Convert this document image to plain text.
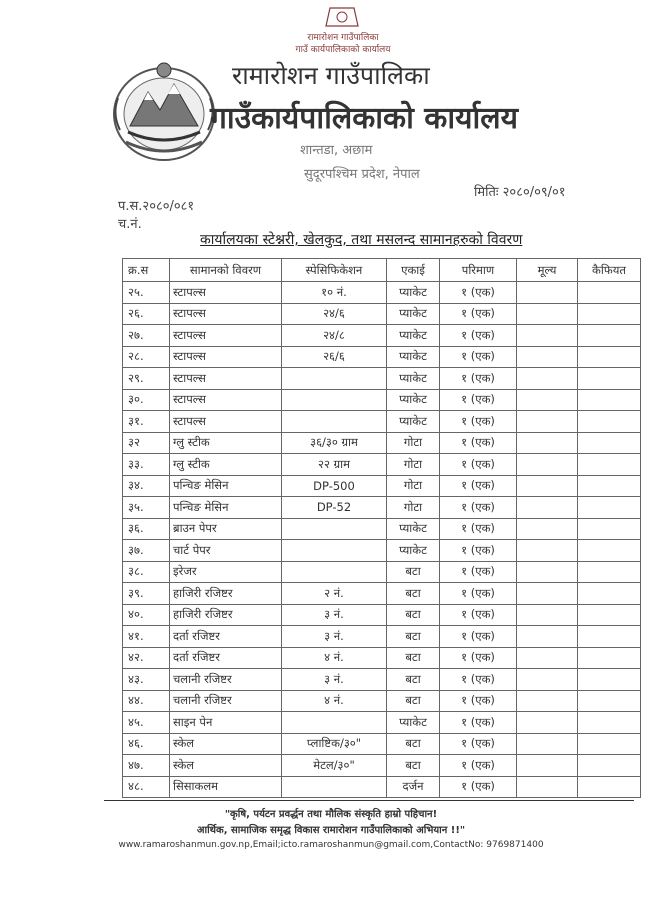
रामारोशन गाउँपालिका
गाउँ कार्यपालिकाको कार्यालय
रामारोशन गाउँपालिका
गाउँकार्यपालिकाको कार्यालय
शान्तडा, अछाम
सुदूरपश्चिम प्रदेश, नेपाल
मितिः २०८०/०९/०१
प.स.२०८०/०८१
च.नं.
कार्यालयका स्टेश्नरी, खेलकुद, तथा मसलन्द सामानहरुको विवरण
क्र.स	सामानको विवरण	स्पेसिफिकेशन	एकाई	परिमाण	मूल्य	कैफियत
२५.	स्टापल्स	१० नं.	प्याकेट	१ (एक)		
२६.	स्टापल्स	२४/६	प्याकेट	१ (एक)		
२७.	स्टापल्स	२४/८	प्याकेट	१ (एक)		
२८.	स्टापल्स	२६/६	प्याकेट	१ (एक)		
२९.	स्टापल्स		प्याकेट	१ (एक)		
३०.	स्टापल्स		प्याकेट	१ (एक)		
३१.	स्टापल्स		प्याकेट	१ (एक)		
३२	ग्लु स्टीक	३६/३० ग्राम	गोटा	१ (एक)		
३३.	ग्लु स्टीक	२२ ग्राम	गोटा	१ (एक)		
३४.	पन्चिङ मेसिन	DP-500	गोटा	१ (एक)		
३५.	पन्चिङ मेसिन	DP-52	गोटा	१ (एक)		
३६.	ब्राउन पेपर		प्याकेट	१ (एक)		
३७.	चार्ट पेपर		प्याकेट	१ (एक)		
३८.	इरेजर		बटा	१ (एक)		
३९.	हाजिरी रजिष्टर	२ नं.	बटा	१ (एक)		
४०.	हाजिरी रजिष्टर	३ नं.	बटा	१ (एक)		
४१.	दर्ता रजिष्टर	३ नं.	बटा	१ (एक)		
४२.	दर्ता रजिष्टर	४ नं.	बटा	१ (एक)		
४३.	चलानी रजिष्टर	३ नं.	बटा	१ (एक)		
४४.	चलानी रजिष्टर	४ नं.	बटा	१ (एक)		
४५.	साइन पेन		प्याकेट	१ (एक)		
४६.	स्केल	प्लाष्टिक/३०"	बटा	१ (एक)		
४७.	स्केल	मेटल/३०"	बटा	१ (एक)		
४८.	सिसाकलम		दर्जन	१ (एक)		
"कृषि, पर्यटन प्रवर्द्धन तथा मौलिक संस्कृति हाम्रो पहिचान!
आर्थिक, सामाजिक समृद्ध विकास रामारोशन गाउँपालिकाको अभियान !!"
www.ramaroshanmun.gov.np,Email;icto.ramaroshanmun@gmail.com,ContactNo: 9769871400
